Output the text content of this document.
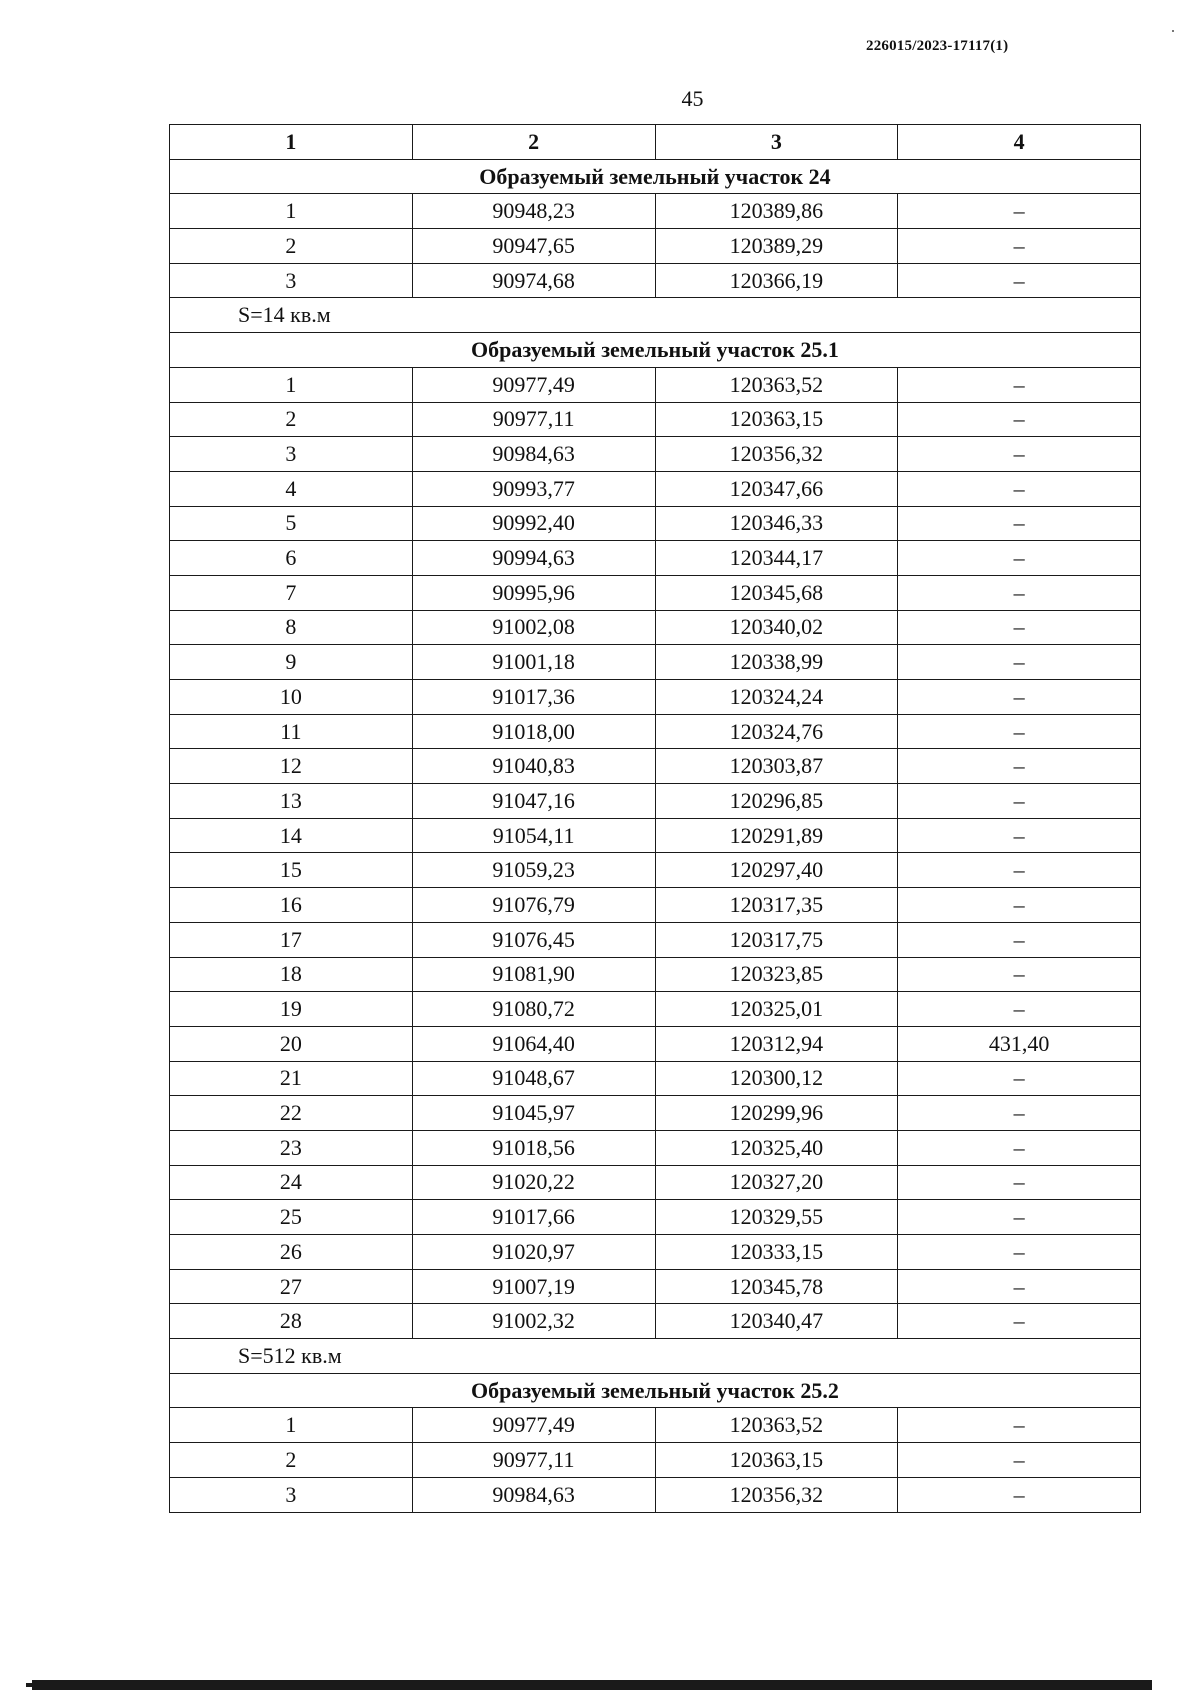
226015/2023-17117(1)
45
1	2	3	4
Образуемый земельный участок 24			
1	90948,23	120389,86	–
2	90947,65	120389,29	–
3	90974,68	120366,19	–
S=14 кв.м			
Образуемый земельный участок 25.1			
1	90977,49	120363,52	–
2	90977,11	120363,15	–
3	90984,63	120356,32	–
4	90993,77	120347,66	–
5	90992,40	120346,33	–
6	90994,63	120344,17	–
7	90995,96	120345,68	–
8	91002,08	120340,02	–
9	91001,18	120338,99	–
10	91017,36	120324,24	–
11	91018,00	120324,76	–
12	91040,83	120303,87	–
13	91047,16	120296,85	–
14	91054,11	120291,89	–
15	91059,23	120297,40	–
16	91076,79	120317,35	–
17	91076,45	120317,75	–
18	91081,90	120323,85	–
19	91080,72	120325,01	–
20	91064,40	120312,94	431,40
21	91048,67	120300,12	–
22	91045,97	120299,96	–
23	91018,56	120325,40	–
24	91020,22	120327,20	–
25	91017,66	120329,55	–
26	91020,97	120333,15	–
27	91007,19	120345,78	–
28	91002,32	120340,47	–
S=512 кв.м			
Образуемый земельный участок 25.2			
1	90977,49	120363,52	–
2	90977,11	120363,15	–
3	90984,63	120356,32	–
